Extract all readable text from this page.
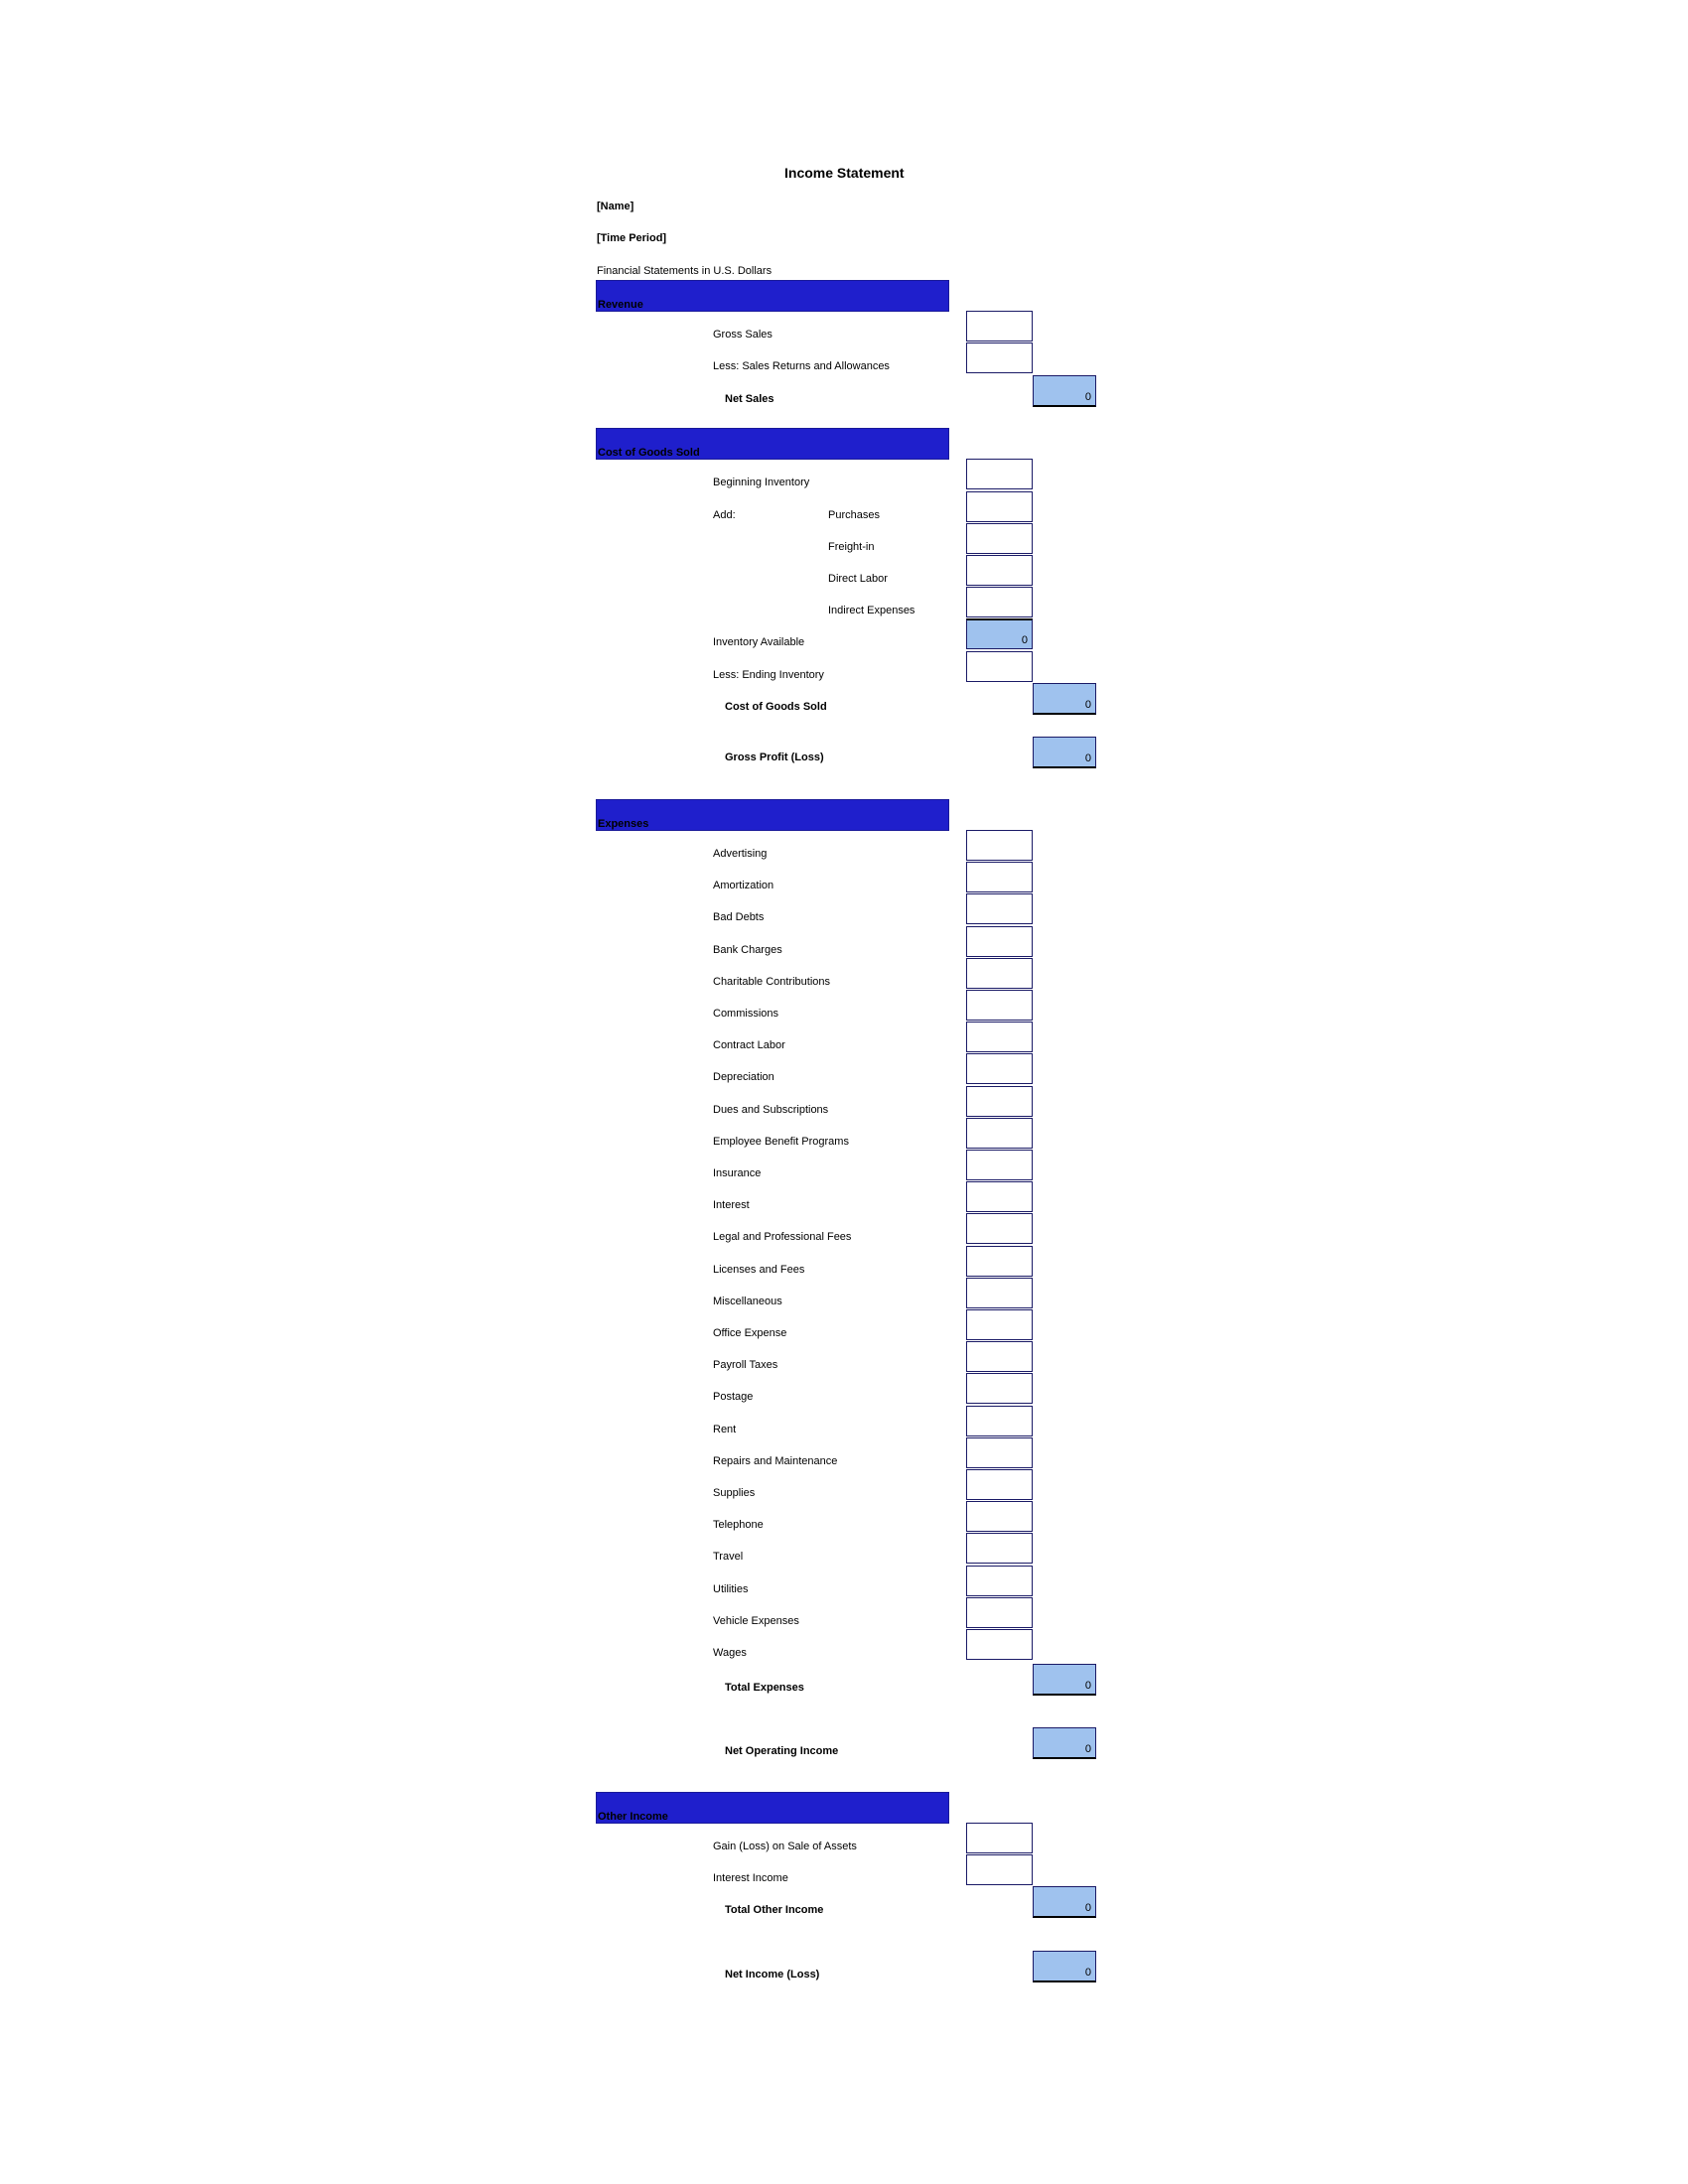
Income Statement
[Name]
[Time Period]
Financial Statements in U.S. Dollars
Revenue
Gross Sales
Less: Sales Returns and Allowances
Net Sales	0
Cost of Goods Sold
Beginning Inventory
Add:	Purchases
Freight-in
Direct Labor
Indirect Expenses
Inventory Available	0
Less: Ending Inventory
Cost of Goods Sold	0
Gross Profit (Loss)	0
Expenses
Advertising
Amortization
Bad Debts
Bank Charges
Charitable Contributions
Commissions
Contract Labor
Depreciation
Dues and Subscriptions
Employee Benefit Programs
Insurance
Interest
Legal and Professional Fees
Licenses and Fees
Miscellaneous
Office Expense
Payroll Taxes
Postage
Rent
Repairs and Maintenance
Supplies
Telephone
Travel
Utilities
Vehicle Expenses
Wages
Total Expenses	0
Net Operating Income	0
Other Income
Gain (Loss) on Sale of Assets
Interest Income
Total Other Income	0
Net Income (Loss)	0
